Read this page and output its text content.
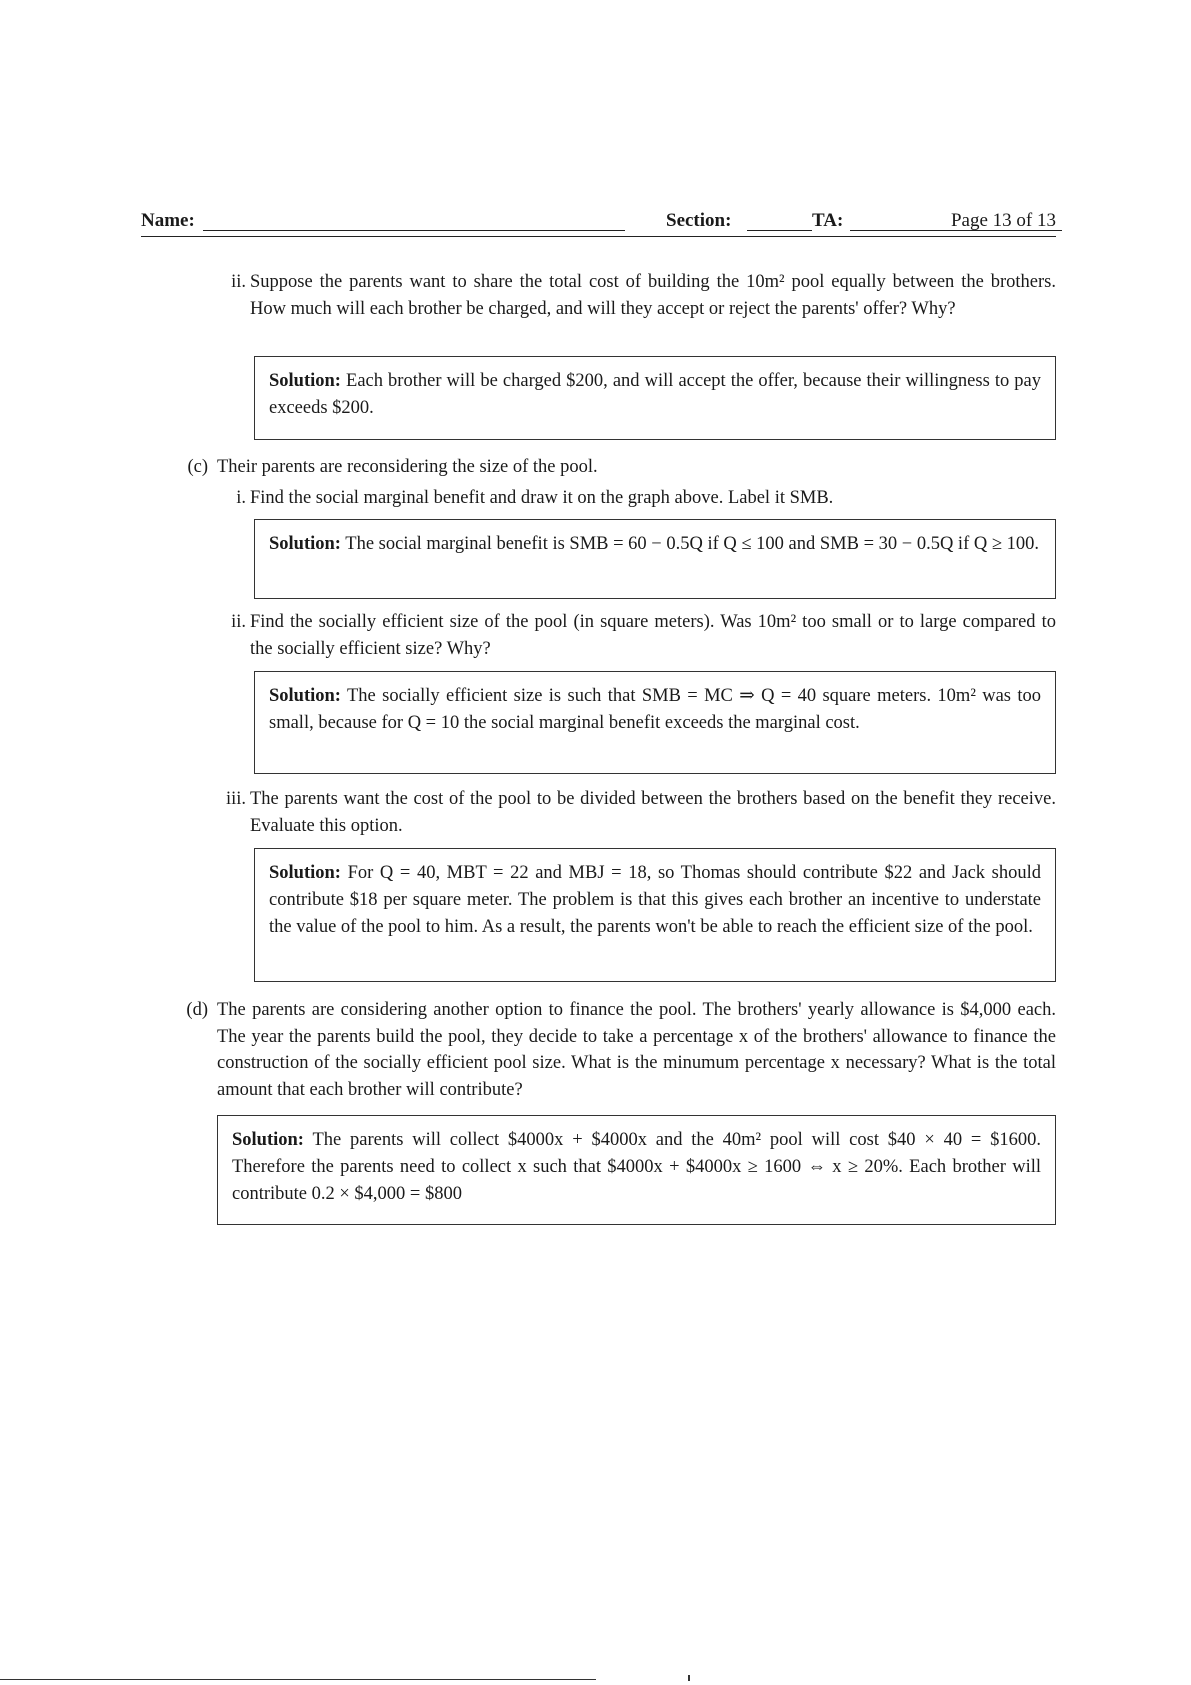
Name:	Section:	TA:	Page 13 of 13
ii. Suppose the parents want to share the total cost of building the 10m² pool equally between the brothers. How much will each brother be charged, and will they accept or reject the parents' offer? Why?
Solution: Each brother will be charged $200, and will accept the offer, because their willingness to pay exceeds $200.
(c) Their parents are reconsidering the size of the pool.
i. Find the social marginal benefit and draw it on the graph above. Label it SMB.
Solution: The social marginal benefit is SMB = 60 − 0.5Q if Q ≤ 100 and SMB = 30 − 0.5Q if Q ≥ 100.
ii. Find the socially efficient size of the pool (in square meters). Was 10m² too small or to large compared to the socially efficient size? Why?
Solution: The socially efficient size is such that SMB = MC ⇒ Q = 40 square meters. 10m² was too small, because for Q = 10 the social marginal benefit exceeds the marginal cost.
iii. The parents want the cost of the pool to be divided between the brothers based on the benefit they receive. Evaluate this option.
Solution: For Q = 40, MBT = 22 and MBJ = 18, so Thomas should contribute $22 and Jack should contribute $18 per square meter. The problem is that this gives each brother an incentive to understate the value of the pool to him. As a result, the parents won't be able to reach the efficient size of the pool.
(d) The parents are considering another option to finance the pool. The brothers' yearly allowance is $4,000 each. The year the parents build the pool, they decide to take a percentage x of the brothers' allowance to finance the construction of the socially efficient pool size. What is the minumum percentage x necessary? What is the total amount that each brother will contribute?
Solution: The parents will collect $4000x + $4000x and the 40m² pool will cost $40 × 40 = $1600. Therefore the parents need to collect x such that $4000x + $4000x ≥ 1600 ⇔ x ≥ 20%. Each brother will contribute 0.2 × $4,000 = $800
